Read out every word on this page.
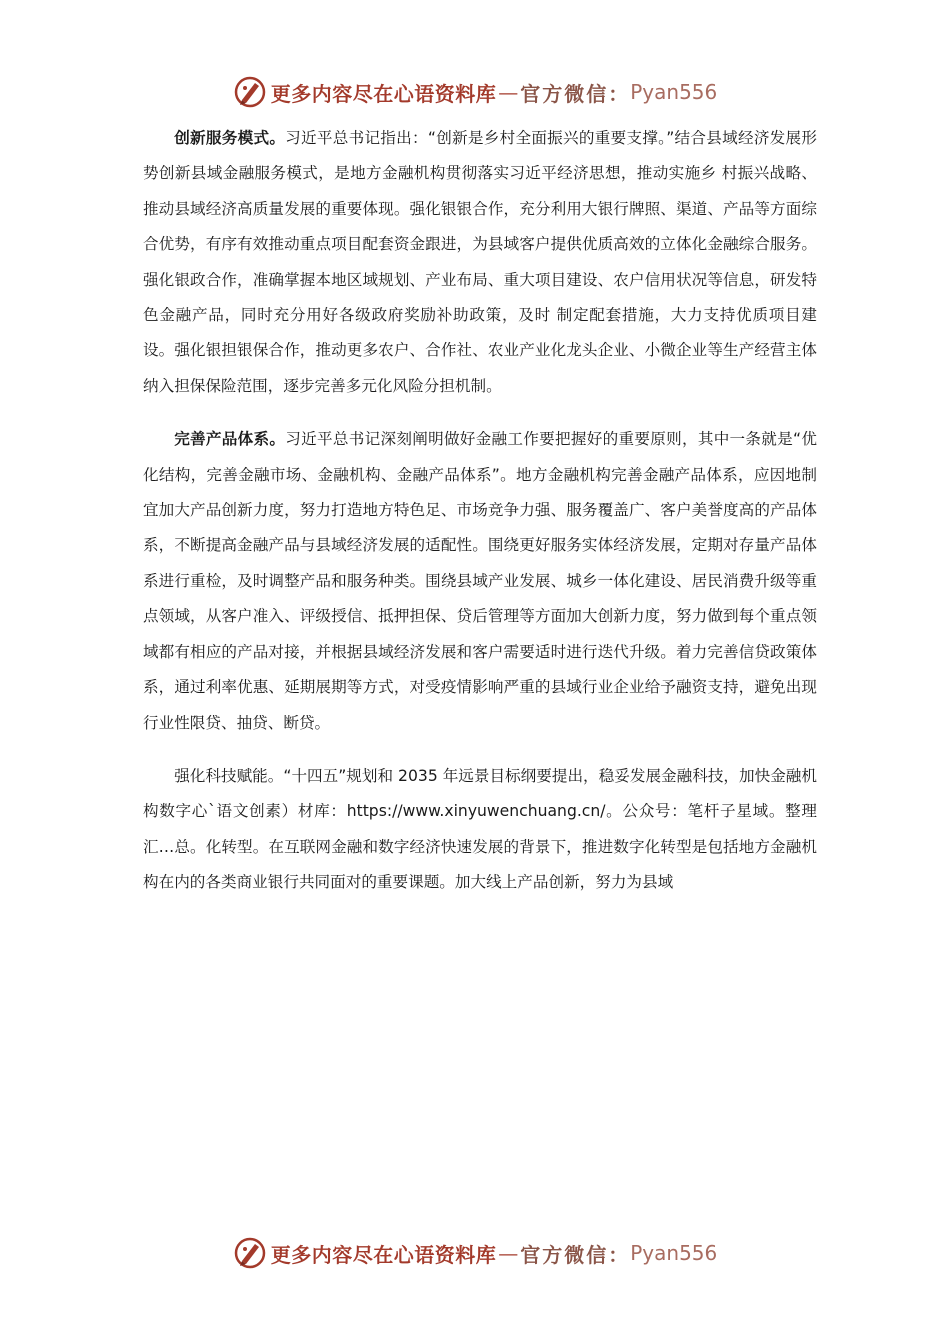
更多内容尽在心语资料库 — 官方微信： Pyan556

创新服务模式。习近平总书记指出：“创新是乡村全面振兴的重要支撑。”结合县域经济发展形势创新县域金融服务模式，是地方金融机构贯彻落实习近平经济思想，推动实施乡 村振兴战略、推动县域经济高质量发展的重要体现。强化银银合作，充分利用大银行牌照、渠道、产品等方面综合优势，有序有效推动重点项目配套资金跟进，为县域客户提供优质高效的立体化金融综合服务。强化银政合作，准确掌握本地区域规划、产业布局、重大项目建设、农户信用状况等信息，研发特色金融产品，同时充分用好各级政府奖励补助政策，及时 制定配套措施，大力支持优质项目建设。强化银担银保合作，推动更多农户、合作社、农业产业化龙头企业、小微企业等生产经营主体纳入担保保险范围，逐步完善多元化风险分担机制。

完善产品体系。习近平总书记深刻阐明做好金融工作要把握好的重要原则，其中一条就是“优化结构，完善金融市场、金融机构、金融产品体系”。地方金融机构完善金融产品体系，应因地制宜加大产品创新力度，努力打造地方特色足、市场竞争力强、服务覆盖广、客户美誉度高的产品体系，不断提高金融产品与县域经济发展的适配性。围绕更好服务实体经济发展，定期对存量产品体系进行重检，及时调整产品和服务种类。围绕县域产业发展、城乡一体化建设、居民消费升级等重点领域，从客户准入、评级授信、抵押担保、贷后管理等方面加大创新力度，努力做到每个重点领域都有相应的产品对接，并根据县域经济发展和客户需要适时进行迭代升级。着力完善信贷政策体系，通过利率优惠、延期展期等方式，对受疫情影响严重的县域行业企业给予融资支持，避免出现行业性限贷、抽贷、断贷。

强化科技赋能。“十四五”规划和 2035 年远景目标纲要提出，稳妥发展金融科技，加快金融机构数字心`语文创素）材库：https://www.xinyuwenchuang.cn/。公众号：笔杆子星域。整理汇…总。化转型。在互联网金融和数字经济快速发展的背景下，推进数字化转型是包括地方金融机构在内的各类商业银行共同面对的重要课题。加大线上产品创新，努力为县域

更多内容尽在心语资料库 — 官方微信： Pyan556
